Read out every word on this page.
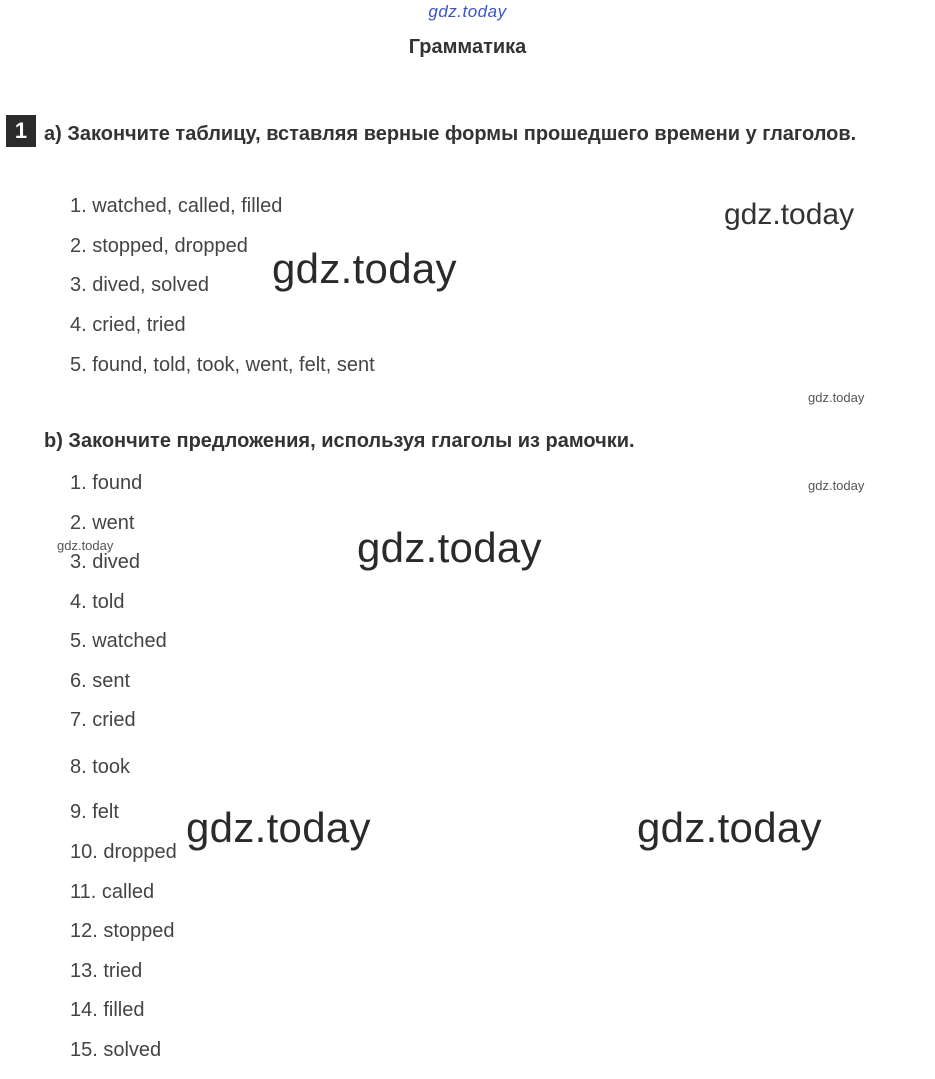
gdz.today
Грамматика
1 a) Закончите таблицу, вставляя верные формы прошедшего времени у глаголов.
1. watched, called, filled
2. stopped, dropped
3. dived, solved
4. cried, tried
5. found, told, took, went, felt, sent
b) Закончите предложения, используя глаголы из рамочки.
1. found
2. went
3. dived
4. told
5. watched
6. sent
7. cried
8. took
9. felt
10. dropped
11. called
12. stopped
13. tried
14. filled
15. solved
gdz.today
gdz.today
gdz.today
gdz.today
gdz.today	gdz.today
gdz.today	gdz.today
